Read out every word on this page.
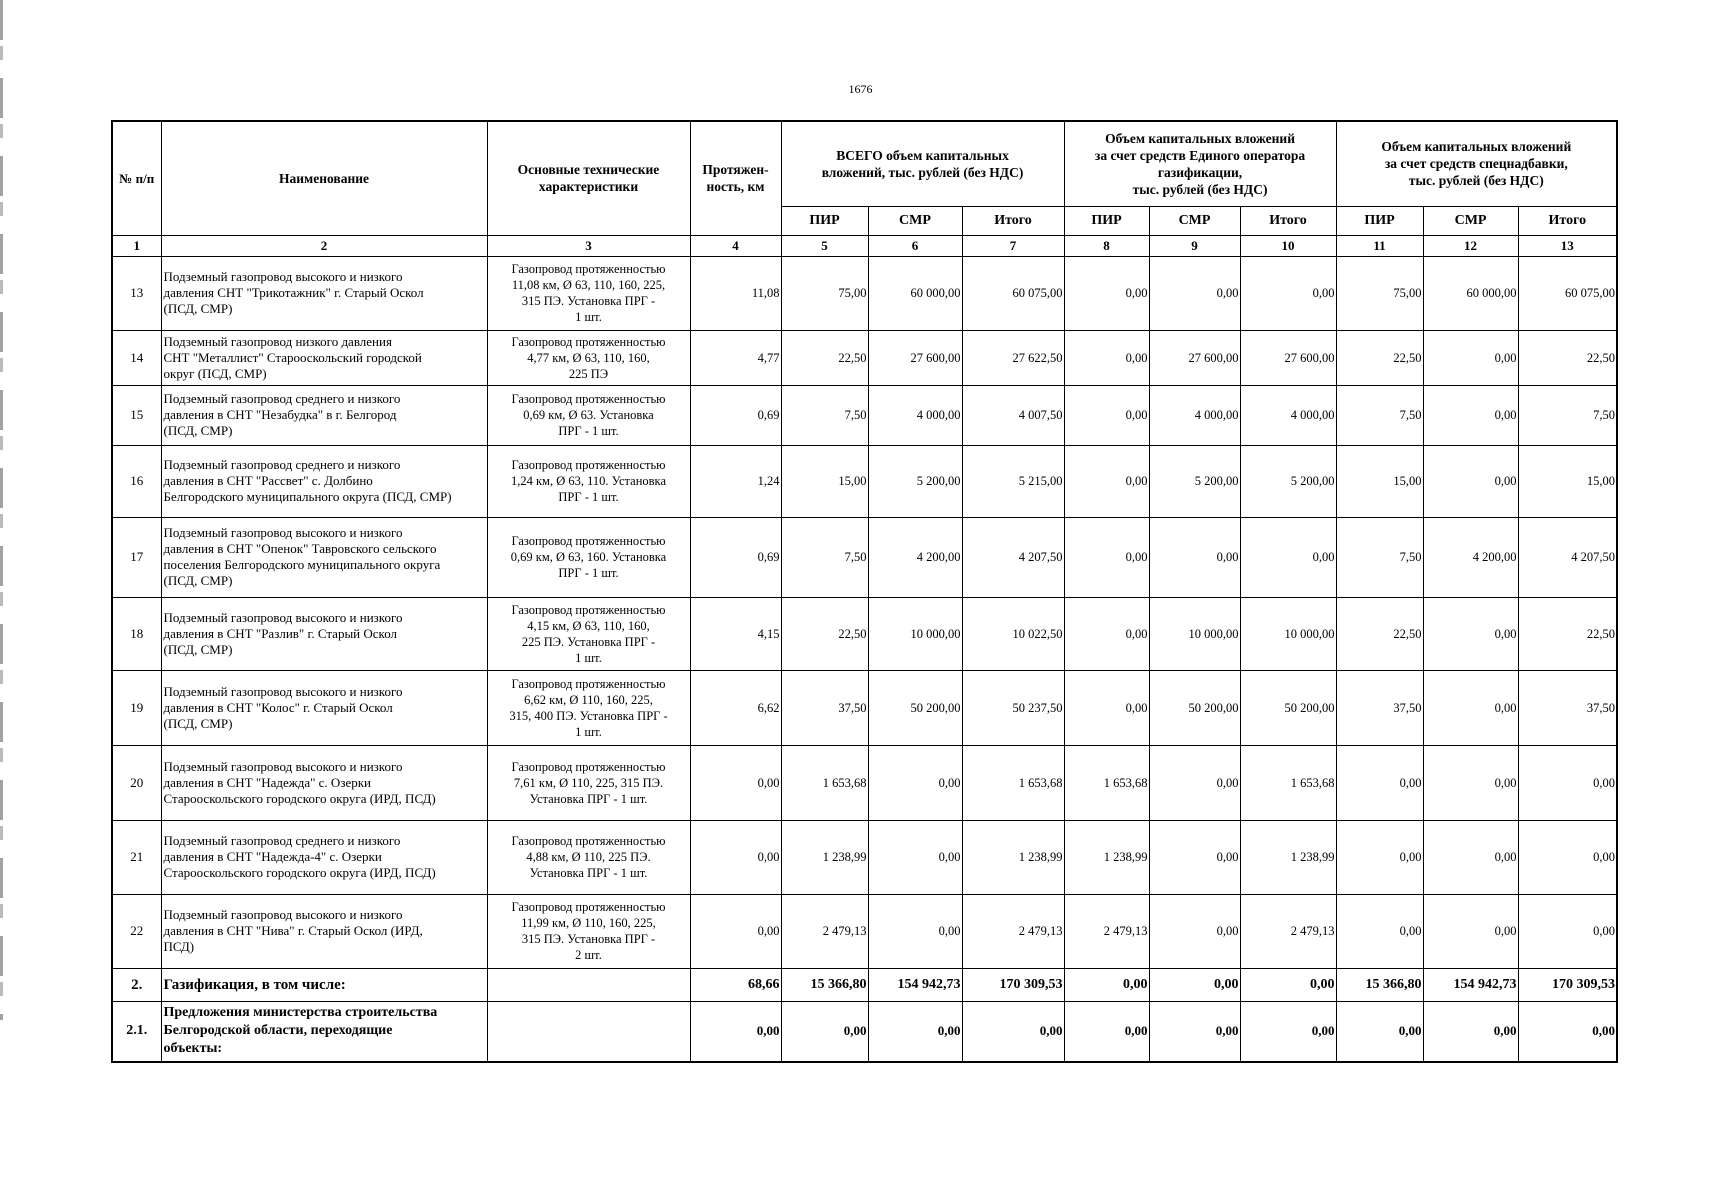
1676
№ п/п	Наименование	Основные технические
характеристики	Протяжен-
ность, км	ВСЕГО объем капитальных
вложений, тыс. рублей (без НДС)			Объем капитальных вложений
за счет средств Единого оператора
газификации,
тыс. рублей (без НДС)			Объем капитальных вложений
за счет средств спецнадбавки,
тыс. рублей (без НДС)		
				ПИР	СМР	Итого	ПИР	СМР	Итого	ПИР	СМР	Итого
1	2	3	4	5	6	7	8	9	10	11	12	13
13	Подземный газопровод высокого и низкого
давления СНТ "Трикотажник" г. Старый Оскол
(ПСД, СМР)	Газопровод протяженностью
11,08 км, Ø 63, 110, 160, 225,
315 ПЭ. Установка ПРГ -
1 шт.	11,08	75,00	60 000,00	60 075,00	0,00	0,00	0,00	75,00	60 000,00	60 075,00
14	Подземный газопровод низкого давления
СНТ "Металлист" Старооскольский городской
округ (ПСД, СМР)	Газопровод протяженностью
4,77 км, Ø 63, 110, 160,
225 ПЭ	4,77	22,50	27 600,00	27 622,50	0,00	27 600,00	27 600,00	22,50	0,00	22,50
15	Подземный газопровод среднего и низкого
давления в СНТ "Незабудка" в г. Белгород
(ПСД, СМР)	Газопровод протяженностью
0,69 км, Ø 63. Установка
ПРГ - 1 шт.	0,69	7,50	4 000,00	4 007,50	0,00	4 000,00	4 000,00	7,50	0,00	7,50
16	Подземный газопровод среднего и низкого
давления в СНТ "Рассвет" с. Долбино
Белгородского муниципального округа (ПСД, СМР)	Газопровод протяженностью
1,24 км, Ø 63, 110. Установка
ПРГ - 1 шт.	1,24	15,00	5 200,00	5 215,00	0,00	5 200,00	5 200,00	15,00	0,00	15,00
17	Подземный газопровод высокого и низкого
давления в СНТ "Опенок" Тавровского сельского
поселения Белгородского муниципального округа
(ПСД, СМР)	Газопровод протяженностью
0,69 км, Ø 63, 160. Установка
ПРГ - 1 шт.	0,69	7,50	4 200,00	4 207,50	0,00	0,00	0,00	7,50	4 200,00	4 207,50
18	Подземный газопровод высокого и низкого
давления в СНТ "Разлив" г. Старый Оскол
(ПСД, СМР)	Газопровод протяженностью
4,15 км, Ø 63, 110, 160,
225 ПЭ. Установка ПРГ -
1 шт.	4,15	22,50	10 000,00	10 022,50	0,00	10 000,00	10 000,00	22,50	0,00	22,50
19	Подземный газопровод высокого и низкого
давления в СНТ "Колос" г. Старый Оскол
(ПСД, СМР)	Газопровод протяженностью
6,62 км, Ø 110, 160, 225,
315, 400 ПЭ. Установка ПРГ -
1 шт.	6,62	37,50	50 200,00	50 237,50	0,00	50 200,00	50 200,00	37,50	0,00	37,50
20	Подземный газопровод высокого и низкого
давления в СНТ "Надежда" с. Озерки
Старооскольского городского округа (ИРД, ПСД)	Газопровод протяженностью
7,61 км, Ø 110, 225, 315 ПЭ.
Установка ПРГ - 1 шт.	0,00	1 653,68	0,00	1 653,68	1 653,68	0,00	1 653,68	0,00	0,00	0,00
21	Подземный газопровод среднего и низкого
давления в СНТ "Надежда-4" с. Озерки
Старооскольского городского округа (ИРД, ПСД)	Газопровод протяженностью
4,88 км, Ø 110, 225 ПЭ.
Установка ПРГ - 1 шт.	0,00	1 238,99	0,00	1 238,99	1 238,99	0,00	1 238,99	0,00	0,00	0,00
22	Подземный газопровод высокого и низкого
давления в СНТ "Нива" г. Старый Оскол (ИРД,
ПСД)	Газопровод протяженностью
11,99 км, Ø 110, 160, 225,
315 ПЭ. Установка ПРГ -
2 шт.	0,00	2 479,13	0,00	2 479,13	2 479,13	0,00	2 479,13	0,00	0,00	0,00
2.	Газификация, в том числе:		68,66	15 366,80	154 942,73	170 309,53	0,00	0,00	0,00	15 366,80	154 942,73	170 309,53
2.1.	Предложения министерства строительства
Белгородской области, переходящие
объекты:		0,00	0,00	0,00	0,00	0,00	0,00	0,00	0,00	0,00	0,00
